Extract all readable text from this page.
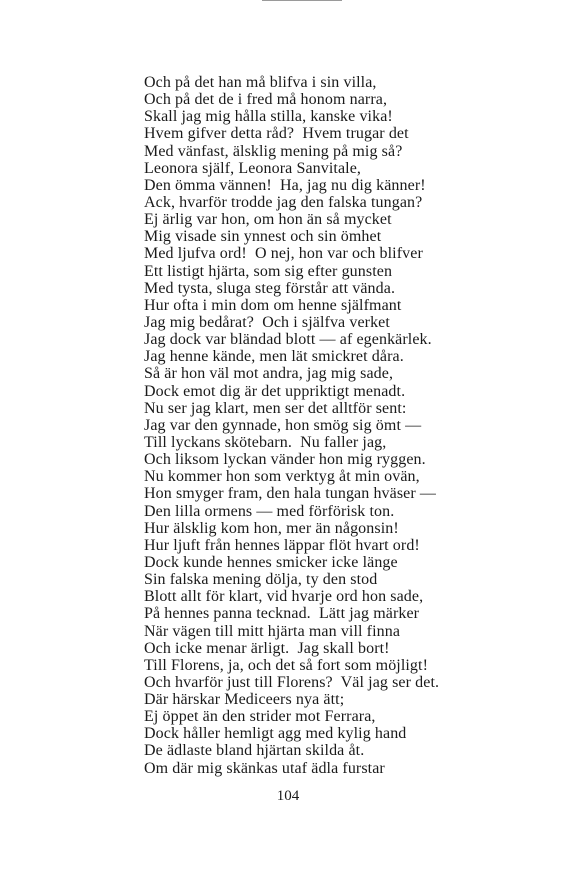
Och på det han må blifva i sin villa,
Och på det de i fred må honom narra,
Skall jag mig hålla stilla, kanske vika!
Hvem gifver detta råd?  Hvem trugar det
Med vänfast, älsklig mening på mig så?
Leonora själf, Leonora Sanvitale,
Den ömma vännen!  Ha, jag nu dig känner!
Ack, hvarför trodde jag den falska tungan?
Ej ärlig var hon, om hon än så mycket
Mig visade sin ynnest och sin ömhet
Med ljufva ord!  O nej, hon var och blifver
Ett listigt hjärta, som sig efter gunsten
Med tysta, sluga steg förstår att vända.
Hur ofta i min dom om henne själfmant
Jag mig bedårat?  Och i själfva verket
Jag dock var bländad blott — af egenkärlek.
Jag henne kände, men lät smickret dåra.
Så är hon väl mot andra, jag mig sade,
Dock emot dig är det uppriktigt menadt.
Nu ser jag klart, men ser det alltför sent:
Jag var den gynnade, hon smög sig ömt —
Till lyckans skötebarn.  Nu faller jag,
Och liksom lyckan vänder hon mig ryggen.
Nu kommer hon som verktyg åt min ovän,
Hon smyger fram, den hala tungan hväser —
Den lilla ormens — med förförisk ton.
Hur älsklig kom hon, mer än någonsin!
Hur ljuft från hennes läppar flöt hvart ord!
Dock kunde hennes smicker icke länge
Sin falska mening dölja, ty den stod
Blott allt för klart, vid hvarje ord hon sade,
På hennes panna tecknad.  Lätt jag märker
När vägen till mitt hjärta man vill finna
Och icke menar ärligt.  Jag skall bort!
Till Florens, ja, och det så fort som möjligt!
Och hvarför just till Florens?  Väl jag ser det.
Där härskar Mediceers nya ätt;
Ej öppet än den strider mot Ferrara,
Dock håller hemligt agg med kylig hand
De ädlaste bland hjärtan skilda åt.
Om där mig skänkas utaf ädla furstar
104
